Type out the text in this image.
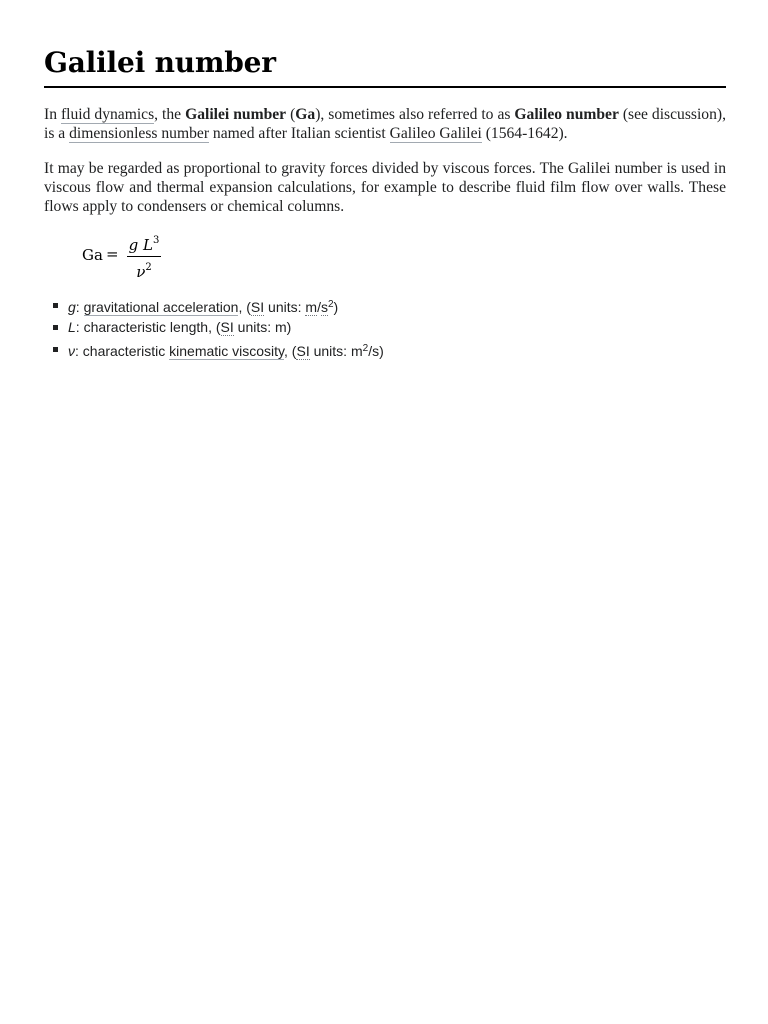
Galilei number

In fluid dynamics, the Galilei number (Ga), sometimes also referred to as Galileo number (see discussion), is a dimensionless number named after Italian scientist Galileo Galilei (1564-1642).

It may be regarded as proportional to gravity forces divided by viscous forces. The Galilei number is used in viscous flow and thermal expansion calculations, for example to describe fluid film flow over walls. These flows apply to condensers or chemical columns.

Ga = g $L^3$
$\nu^2$
g: gravitational acceleration, (SI units: $m/s^2$)
L: characteristic length, (SI units: m)
ν: characteristic kinematic viscosity, (SI units: $m^2/s$)
